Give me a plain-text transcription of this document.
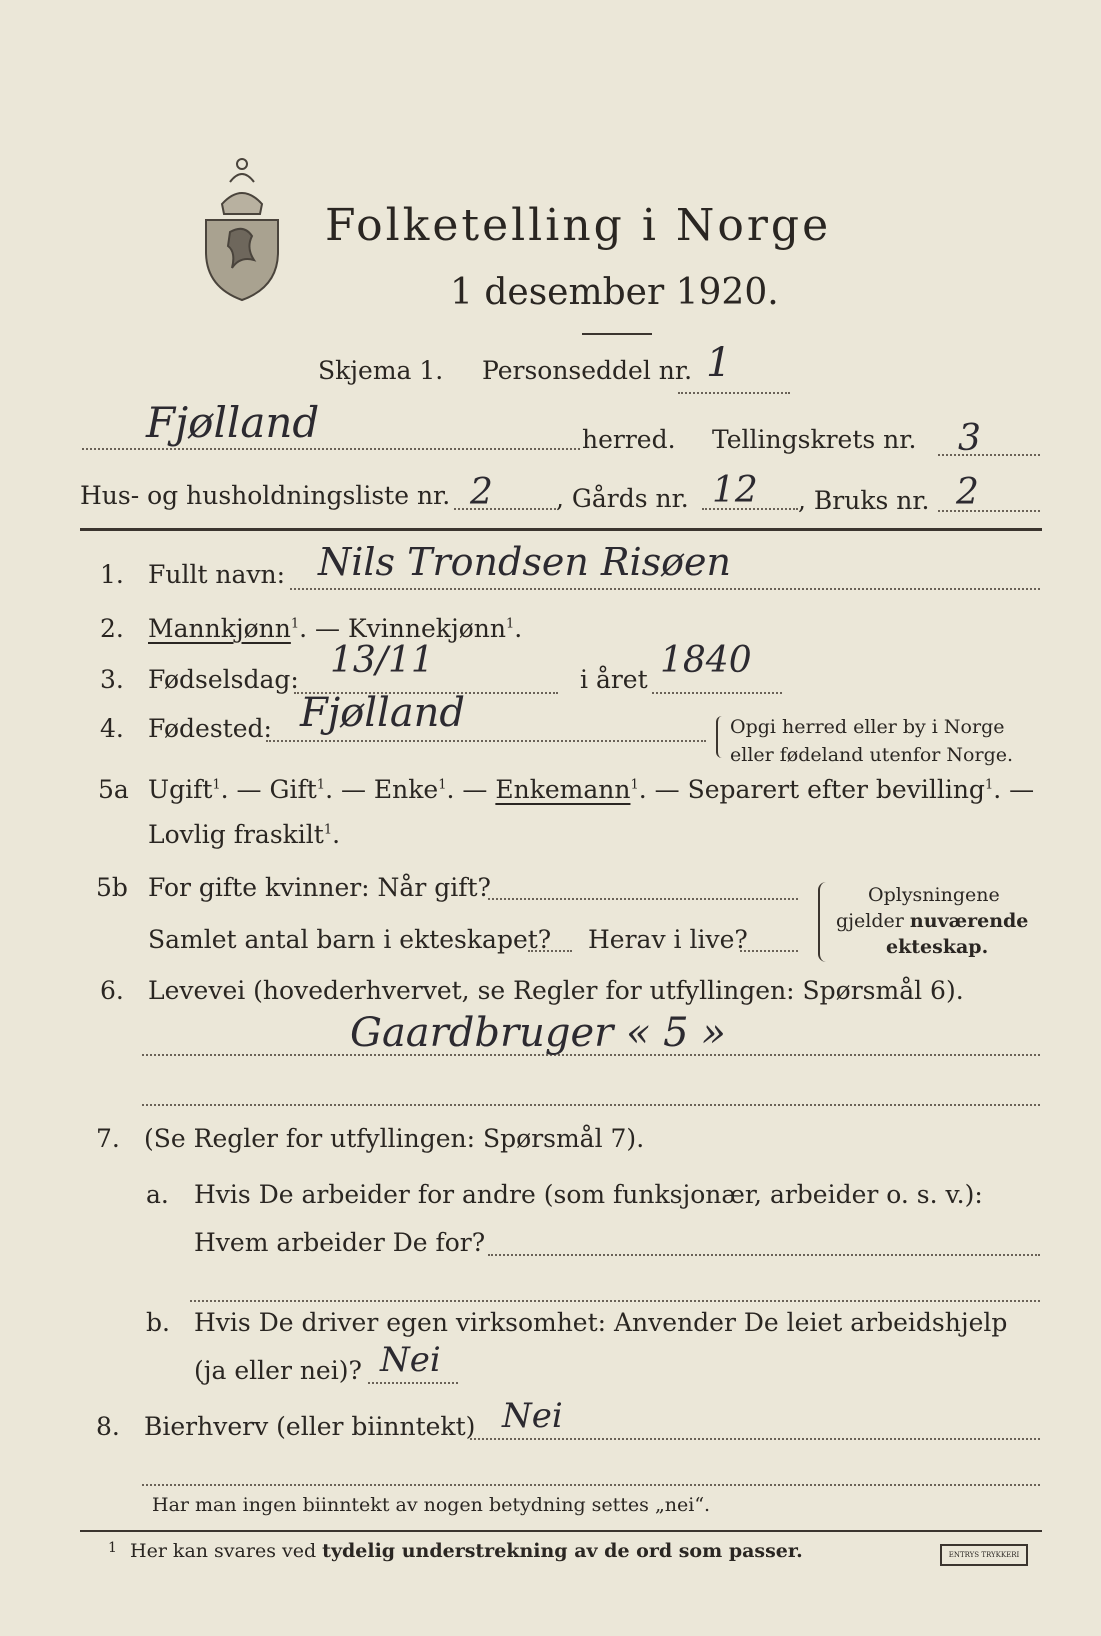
Folketelling i Norge
1 desember 1920.
Skjema 1. Personseddel nr. 1
Fjølland	herred. Tellingskrets nr. 3
Hus- og husholdningsliste nr. 2	, Gårds nr. 12 , Bruks nr. 2
1. Fullt navn: Nils Trondsen Risøen
2. Mannkjønn$^1$. — Kvinnekjønn$^1$.
3. Fødselsdag: 13/11	i året 1840
4. Fødested: Fjølland	Opgi herred eller by i Norge
eller fødeland utenfor Norge.
5a Ugift$^1$. — Gift$^1$. — Enke$^1$. — Enkemann$^1$. — Separert efter bevilling$^1$. —
Lovlig fraskilt$^1$.
5b For gifte kvinner: Når gift?
Samlet antal barn i ekteskapet? Herav i live?
Oplysningene
gjelder nuværende
ekteskap.
6. Levevei (hovederhvervet, se Regler for utfyllingen: Spørsmål 6).
Gaardbruger « 5 »
7. (Se Regler for utfyllingen: Spørsmål 7).
a. Hvis De arbeider for andre (som funksjonær, arbeider o. s. v.):
Hvem arbeider De for?
b. Hvis De driver egen virksomhet: Anvender De leiet arbeidshjelp
(ja eller nei)? Nei
8. Bierhverv (eller biinntekt) Nei
Har man ingen biinntekt av nogen betydning settes „nei“.
1 Her kan svares ved tydelig understrekning av de ord som passer.	ENTRYS TRYKKERI
